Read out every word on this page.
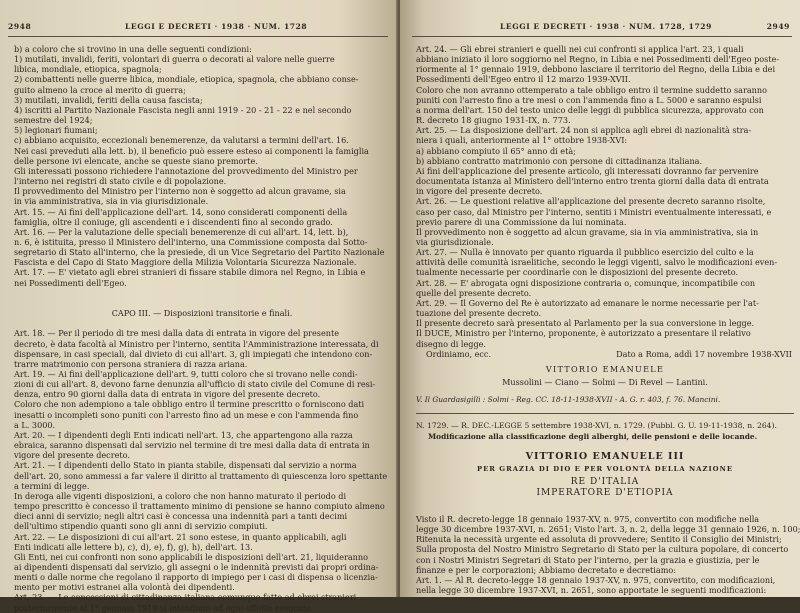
2948	LEGGI E DECRETI · 1938 · NUM. 1728

b) a coloro che si trovino in una delle seguenti condizioni:

1) mutilati, invalidi, feriti, volontari di guerra o decorati al valore nelle guerre

libica, mondiale, etiopica, spagnola;

2) combattenti nelle guerre libica, mondiale, etiopica, spagnola, che abbiano conse-

guito almeno la croce al merito di guerra;

3) mutilati, invalidi, feriti della causa fascista;

4) iscritti al Partito Nazionale Fascista negli anni 1919 - 20 - 21 - 22 e nel secondo

semestre del 1924;

5) legionari fiumani;

c) abbiano acquisito, eccezionali benemerenze, da valutarsi a termini dell'art. 16.

Nei casi preveduti alla lett. b), il beneficio può essere esteso ai componenti la famiglia

delle persone ivi elencate, anche se queste siano premorte.

Gli interessati possono richiedere l'annotazione del provvedimento del Ministro per

l'interno nei registri di stato civile e di popolazione.

Il provvedimento del Ministro per l'interno non è soggetto ad alcun gravame, sia

in via amministrativa, sia in via giurisdizionale.

Art. 15. — Ai fini dell'applicazione dell'art. 14, sono considerati componenti della

famiglia, oltre il coniuge, gli ascendenti e i discendenti fino al secondo grado.

Art. 16. — Per la valutazione delle speciali benemerenze di cui all'art. 14, lett. b),

n. 6, è istituita, presso il Ministero dell'interno, una Commissione composta dal Sotto-

segretario di Stato all'interno, che la presiede, di un Vice Segretario del Partito Nazionale

Fascista e del Capo di Stato Maggiore della Milizia Volontaria Sicurezza Nazionale.

Art. 17. — E' vietato agli ebrei stranieri di fissare stabile dimora nel Regno, in Libia e

nei Possedimenti dell'Egeo.

CAPO III. — Disposizioni transitorie e finali.

Art. 18. — Per il periodo di tre mesi dalla data di entrata in vigore del presente

decreto, è data facoltà al Ministro per l'interno, sentita l'Amministrazione interessata, di

dispensare, in casi speciali, dal divieto di cui all'art. 3, gli impiegati che intendono con-

trarre matrimonio con persona straniera di razza ariana.

Art. 19. — Ai fini dell'applicazione dell'art. 9, tutti coloro che si trovano nelle condi-

zioni di cui all'art. 8, devono farne denunzia all'ufficio di stato civile del Comune di resi-

denza, entro 90 giorni dalla data di entrata in vigore del presente decreto.

Coloro che non adempiono a tale obbligo entro il termine prescritto o forniscono dati

inesatti o incompleti sono puniti con l'arresto fino ad un mese e con l'ammenda fino

a L. 3000.

Art. 20. — I dipendenti degli Enti indicati nell'art. 13, che appartengono alla razza

ebraica, saranno dispensati dal servizio nel termine di tre mesi dalla data di entrata in

vigore del presente decreto.

Art. 21. — I dipendenti dello Stato in pianta stabile, dispensati dal servizio a norma

dell'art. 20, sono ammessi a far valere il diritto al trattamento di quiescenza loro spettante

a termini di legge.

In deroga alle vigenti disposizioni, a coloro che non hanno maturato il periodo di

tempo prescritto è concesso il trattamento minimo di pensione se hanno compiuto almeno

dieci anni di servizio; negli altri casi è concessa una indennità pari a tanti decimi

dell'ultimo stipendio quanti sono gli anni di servizio compiuti.

Art. 22. — Le disposizioni di cui all'art. 21 sono estese, in quanto applicabili, agli

Enti indicati alle lettere b), c), d), e), f), g), h), dell'art. 13.

Gli Enti, nei cui confronti non sono applicabili le disposizioni dell'art. 21, liquideranno

ai dipendenti dispensati dal servizio, gli assegni o le indennità previsti dai propri ordina-

menti o dalle norme che regolano il rapporto di impiego per i casi di dispensa o licenzia-

mento per motivi estranei alla volontà dei dipendenti.

Art. 23. — Le concessioni di cittadinanza italiana comunque fatte ad ebrei stranieri

posteriormente al 1° gennaio 1919 si intendono ad ogni effetto revocate.

LEGGI E DECRETI · 1938 · NUM. 1728, 1729	2949

Art. 24. — Gli ebrei stranieri e quelli nei cui confronti si applica l'art. 23, i quali

abbiano iniziato il loro soggiorno nel Regno, in Libia e nei Possedimenti dell'Egeo poste-

riormente al 1° gennaio 1919, debbono lasciare il territorio del Regno, della Libia e dei

Possedimenti dell'Egeo entro il 12 marzo 1939-XVII.

Coloro che non avranno ottemperato a tale obbligo entro il termine suddetto saranno

puniti con l'arresto fino a tre mesi o con l'ammenda fino a L. 5000 e saranno espulsi

a norma dell'art. 150 del testo unico delle leggi di pubblica sicurezza, approvato con

R. decreto 18 giugno 1931-IX, n. 773.

Art. 25. — La disposizione dell'art. 24 non si applica agli ebrei di nazionalità stra-

niera i quali, anteriormente al 1° ottobre 1938-XVI:

a) abbiano compiuto il 65° anno di età;

b) abbiano contratto matrimonio con persone di cittadinanza italiana.

Ai fini dell'applicazione del presente articolo, gli interessati dovranno far pervenire

documentata istanza al Ministero dell'interno entro trenta giorni dalla data di entrata

in vigore del presente decreto.

Art. 26. — Le questioni relative all'applicazione del presente decreto saranno risolte,

caso per caso, dal Ministro per l'interno, sentiti i Ministri eventualmente interessati, e

previo parere di una Commissione da lui nominata.

Il provvedimento non è soggetto ad alcun gravame, sia in via amministrativa, sia in

via giurisdizionale.

Art. 27. — Nulla è innovato per quanto riguarda il pubblico esercizio del culto e la

attività delle comunità israelitiche, secondo le leggi vigenti, salvo le modificazioni even-

tualmente necessarie per coordinarle con le disposizioni del presente decreto.

Art. 28. — E' abrogata ogni disposizione contraria o, comunque, incompatibile con

quelle del presente decreto.

Art. 29. — Il Governo del Re è autorizzato ad emanare le norme necessarie per l'at-

tuazione del presente decreto.

Il presente decreto sarà presentato al Parlamento per la sua conversione in legge.

Il DUCE, Ministro per l'interno, proponente, è autorizzato a presentare il relativo

disegno di legge.

Ordiniamo, ecc.	Dato a Roma, addì 17 novembre 1938-XVII

VITTORIO EMANUELE

Mussolini — Ciano — Solmi — Di Revel — Lantini.

V. Il Guardasigilli : Solmi - Reg. CC. 18-11-1938-XVII - A. G. r. 403, f. 76. Mancini.

N. 1729. — R. DEC.-LEGGE 5 settembre 1938-XVI, n. 1729. (Pubbl. G. U. 19-11-1938, n. 264).

Modificazione alla classificazione degli alberghi, delle pensioni e delle locande.

VITTORIO EMANUELE III

PER GRAZIA DI DIO E PER VOLONTÀ DELLA NAZIONE

RE D'ITALIA

IMPERATORE D'ETIOPIA

Visto il R. decreto-legge 18 gennaio 1937-XV, n. 975, convertito con modifiche nella

legge 30 dicembre 1937-XVI, n. 2651; Visto l'art. 3, n. 2, della legge 31 gennaio 1926, n. 100;

Ritenuta la necessità urgente ed assoluta di provvedere; Sentito il Consiglio dei Ministri;

Sulla proposta del Nostro Ministro Segretario di Stato per la cultura popolare, di concerto

con i Nostri Ministri Segretari di Stato per l'interno, per la grazia e giustizia, per le

finanze e per le corporazioni; Abbiamo decretato e decretiamo:

Art. 1. — Al R. decreto-legge 18 gennaio 1937-XV, n. 975, convertito, con modificazioni,

nella legge 30 dicembre 1937-XVI, n. 2651, sono apportate le seguenti modificazioni:
